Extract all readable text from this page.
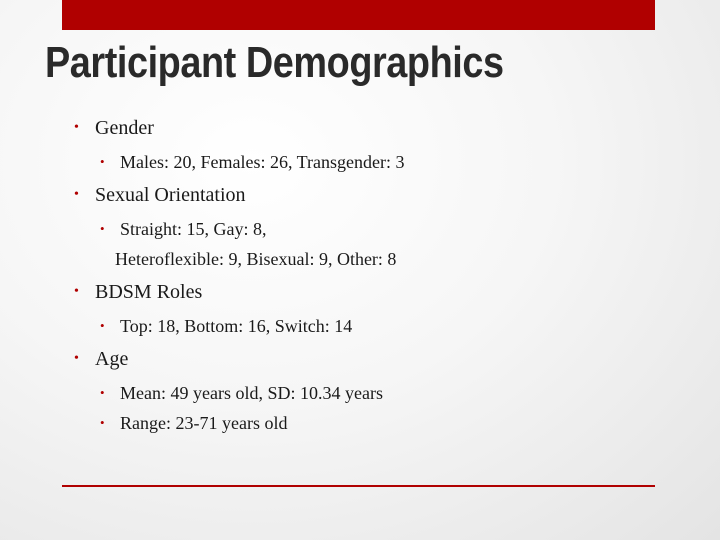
Participant Demographics
• Gender
• Males: 20, Females: 26, Transgender: 3
• Sexual Orientation
• Straight: 15, Gay: 8,
Heteroflexible: 9, Bisexual: 9, Other: 8
• BDSM Roles
• Top: 18, Bottom: 16, Switch: 14
• Age
• Mean: 49 years old, SD: 10.34 years
• Range: 23-71 years old
